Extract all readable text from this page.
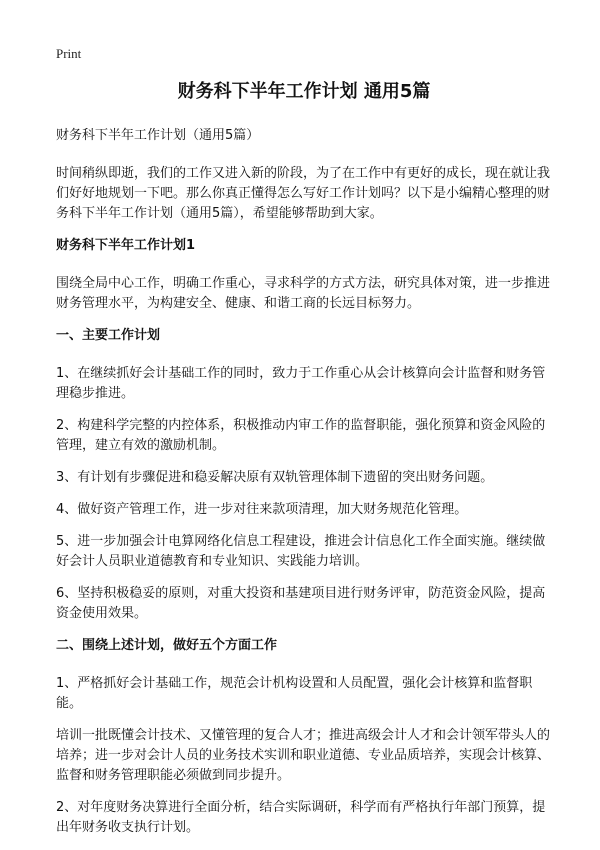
Print
财务科下半年工作计划 通用5篇

财务科下半年工作计划（通用5篇）

时间稍纵即逝，我们的工作又进入新的阶段，为了在工作中有更好的成长，现在就让我们好好地规划一下吧。那么你真正懂得怎么写好工作计划吗？以下是小编精心整理的财务科下半年工作计划（通用5篇），希望能够帮助到大家。

财务科下半年工作计划1

围绕全局中心工作，明确工作重心，寻求科学的方式方法，研究具体对策，进一步推进财务管理水平，为构建安全、健康、和谐工商的长远目标努力。

一、主要工作计划

1、在继续抓好会计基础工作的同时，致力于工作重心从会计核算向会计监督和财务管理稳步推进。

2、构建科学完整的内控体系，积极推动内审工作的监督职能，强化预算和资金风险的管理，建立有效的激励机制。

3、有计划有步骤促进和稳妥解决原有双轨管理体制下遗留的突出财务问题。

4、做好资产管理工作，进一步对往来款项清理，加大财务规范化管理。

5、进一步加强会计电算网络化信息工程建设，推进会计信息化工作全面实施。继续做好会计人员职业道德教育和专业知识、实践能力培训。

6、坚持积极稳妥的原则，对重大投资和基建项目进行财务评审，防范资金风险，提高资金使用效果。

二、围绕上述计划，做好五个方面工作

1、严格抓好会计基础工作，规范会计机构设置和人员配置，强化会计核算和监督职能。

培训一批既懂会计技术、又懂管理的复合人才；推进高级会计人才和会计领军带头人的培养；进一步对会计人员的业务技术实训和职业道德、专业品质培养，实现会计核算、监督和财务管理职能必须做到同步提升。

2、对年度财务决算进行全面分析，结合实际调研，科学而有严格执行年部门预算，提出年财务收支执行计划。
